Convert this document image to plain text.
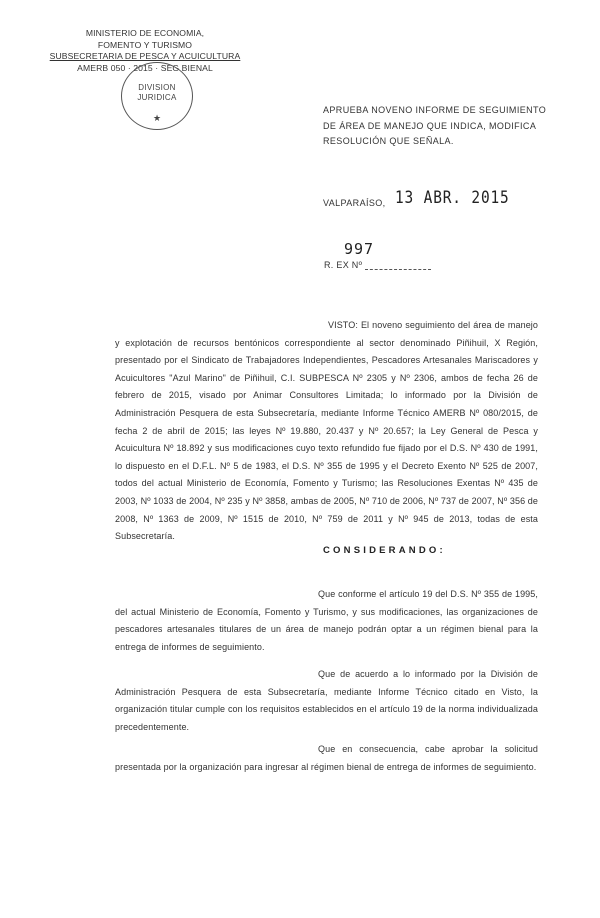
MINISTERIO DE ECONOMIA,
FOMENTO Y TURISMO
SUBSECRETARIA DE PESCA Y ACUICULTURA
AMERB 050 · 2015 · SEG BIENAL
DIVISION
JURIDICA
★
APRUEBA NOVENO INFORME DE SEGUIMIENTO DE ÁREA DE MANEJO QUE INDICA, MODIFICA RESOLUCIÓN QUE SEÑALA.
VALPARAÍSO, 13 ABR. 2015
997
R. EX Nº
VISTO: El noveno seguimiento del área de manejo y explotación de recursos bentónicos correspondiente al sector denominado Piñihuil, X Región, presentado por el Sindicato de Trabajadores Independientes, Pescadores Artesanales Mariscadores y Acuicultores "Azul Marino" de Piñihuil, C.I. SUBPESCA Nº 2305 y Nº 2306, ambos de fecha 26 de febrero de 2015, visado por Animar Consultores Limitada; lo informado por la División de Administración Pesquera de esta Subsecretaría, mediante Informe Técnico AMERB Nº 080/2015, de fecha 2 de abril de 2015; las leyes Nº 19.880, 20.437 y Nº 20.657; la Ley General de Pesca y Acuicultura Nº 18.892 y sus modificaciones cuyo texto refundido fue fijado por el D.S. Nº 430 de 1991, lo dispuesto en el D.F.L. Nº 5 de 1983, el D.S. Nº 355 de 1995 y el Decreto Exento Nº 525 de 2007, todos del actual Ministerio de Economía, Fomento y Turismo; las Resoluciones Exentas Nº 435 de 2003, Nº 1033 de 2004, Nº 235 y Nº 3858, ambas de 2005, Nº 710 de 2006, Nº 737 de 2007, Nº 356 de 2008, Nº 1363 de 2009, Nº 1515 de 2010, Nº 759 de 2011 y Nº 945 de 2013, todas de esta Subsecretaría.
CONSIDERANDO:
Que conforme el artículo 19 del D.S. Nº 355 de 1995, del actual Ministerio de Economía, Fomento y Turismo, y sus modificaciones, las organizaciones de pescadores artesanales titulares de un área de manejo podrán optar a un régimen bienal para la entrega de informes de seguimiento.
Que de acuerdo a lo informado por la División de Administración Pesquera de esta Subsecretaría, mediante Informe Técnico citado en Visto, la organización titular cumple con los requisitos establecidos en el artículo 19 de la norma individualizada precedentemente.
Que en consecuencia, cabe aprobar la solicitud presentada por la organización para ingresar al régimen bienal de entrega de informes de seguimiento.
